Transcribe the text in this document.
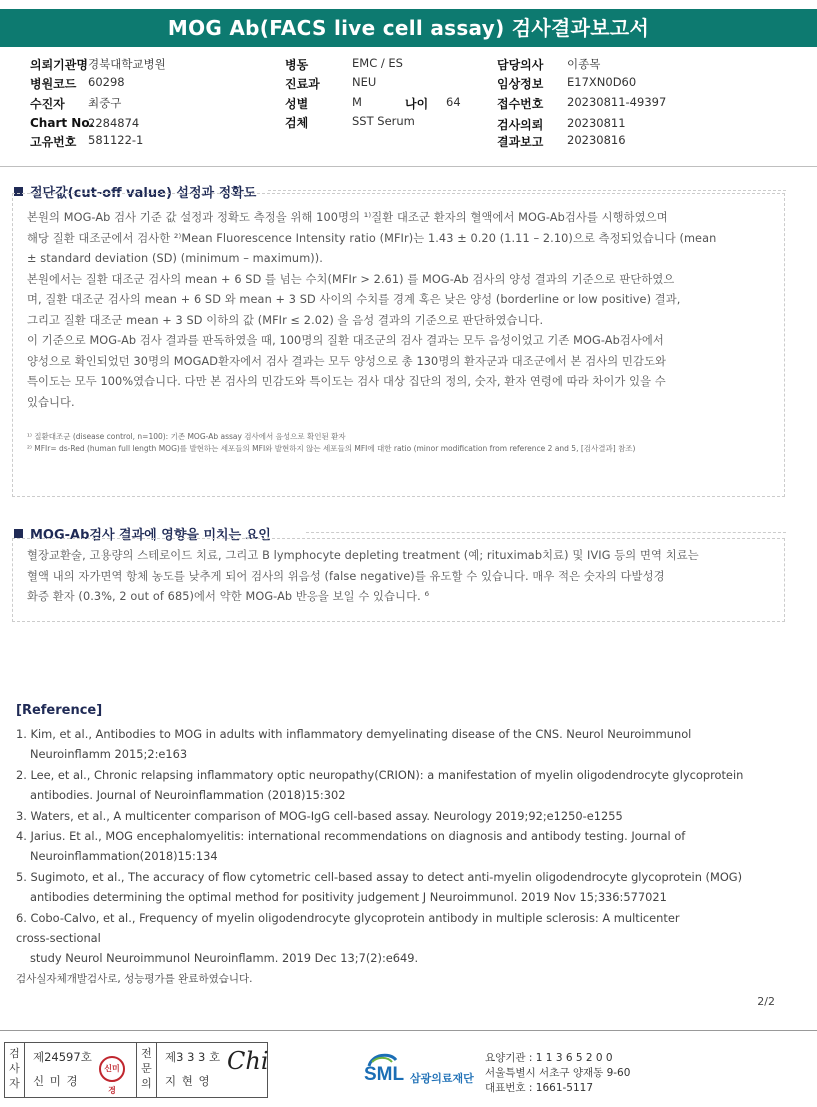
MOG Ab(FACS live cell assay) 검사결과보고서
의뢰기관명 경북대학교병원
병원코드 60298
수진자 최중구
Chart No.
2284874
고유번호 581122-1
병동	EMC / ES
진료과	NEU
성별	M	나이 64
검체	SST Serum
담당의사 이종목
임상정보 E17XN0D60
접수번호 20230811-49397
검사의뢰 20230811
결과보고 20230816
절단값(cut-off value) 설정과 정확도

본원의 MOG-Ab 검사 기준 값 설정과 정확도 측정을 위해 100명의 ¹⁾질환 대조군 환자의 혈액에서 MOG-Ab검사를 시행하였으며
해당 질환 대조군에서 검사한 ²⁾Mean Fluorescence Intensity ratio (MFIr)는 1.43 ± 0.20 (1.11 – 2.10)으로 측정되었습니다 (mean
± standard deviation (SD) (minimum – maximum)).
본원에서는 질환 대조군 검사의 mean + 6 SD 를 넘는 수치(MFIr > 2.61) 를 MOG-Ab 검사의 양성 결과의 기준으로 판단하였으
며, 질환 대조군 검사의 mean + 6 SD 와 mean + 3 SD 사이의 수치를 경계 혹은 낮은 양성 (borderline or low positive) 결과,
그리고 질환 대조군 mean + 3 SD 이하의 값 (MFIr ≤ 2.02) 을 음성 결과의 기준으로 판단하였습니다.
이 기준으로 MOG-Ab 검사 결과를 판독하였을 때, 100명의 질환 대조군의 검사 결과는 모두 음성이었고 기존 MOG-Ab검사에서
양성으로 확인되었던 30명의 MOGAD환자에서 검사 결과는 모두 양성으로 총 130명의 환자군과 대조군에서 본 검사의 민감도와
특이도는 모두 100%였습니다. 다만 본 검사의 민감도와 특이도는 검사 대상 집단의 정의, 숫자, 환자 연령에 따라 차이가 있을 수
있습니다.

¹⁾ 질환대조군 (disease control, n=100): 기존 MOG-Ab assay 검사에서 음성으로 확인된 환자
²⁾ MFIr= ds-Red (human full length MOG)를 발현하는 세포들의 MFI와 발현하지 않는 세포들의 MFI에 대한 ratio (minor modification from reference 2 and 5, [검사결과] 참조)
MOG-Ab검사 결과에 영향을 미치는 요인

혈장교환술, 고용량의 스테로이드 치료, 그리고 B lymphocyte depleting treatment (예; rituximab치료) 및 IVIG 등의 면역 치료는
혈액 내의 자가면역 항체 농도를 낮추게 되어 검사의 위음성 (false negative)를 유도할 수 있습니다. 매우 적은 숫자의 다발성경
화증 환자 (0.3%, 2 out of 685)에서 약한 MOG-Ab 반응을 보일 수 있습니다. ⁶

[Reference]
1. Kim, et al., Antibodies to MOG in adults with inflammatory demyelinating disease of the CNS. Neurol Neuroimmunol
Neuroinflamm 2015;2:e163
2. Lee, et al., Chronic relapsing inflammatory optic neuropathy(CRION): a manifestation of myelin oligodendrocyte glycoprotein
antibodies. Journal of Neuroinflammation (2018)15:302
3. Waters, et al., A multicenter comparison of MOG-IgG cell-based assay. Neurology 2019;92;e1250-e1255
4. Jarius. Et al., MOG encephalomyelitis: international recommendations on diagnosis and antibody testing. Journal of
Neuroinflammation(2018)15:134
5. Sugimoto, et al., The accuracy of flow cytometric cell-based assay to detect anti-myelin oligodendrocyte glycoprotein (MOG)
antibodies determining the optimal method for positivity judgement J Neuroimmunol. 2019 Nov 15;336:577021
6. Cobo-Calvo, et al., Frequency of myelin oligodendrocyte glycoprotein antibody in multiple sclerosis: A multicenter
cross-sectional
study Neurol Neuroimmunol Neuroinflamm. 2019 Dec 13;7(2):e649.
검사실자체개발검사로, 성능평가를 완료하였습니다.
2/2
검
사
자
제24597호
신 미 경
신미경
전
문
의
제3 3 3 호
지 현 영
Chi	SML 삼광의료재단
요양기관 : 1 1 3 6 5 2 0 0
서울특별시 서초구 양재동 9-60
대표번호 : 1661-5117
